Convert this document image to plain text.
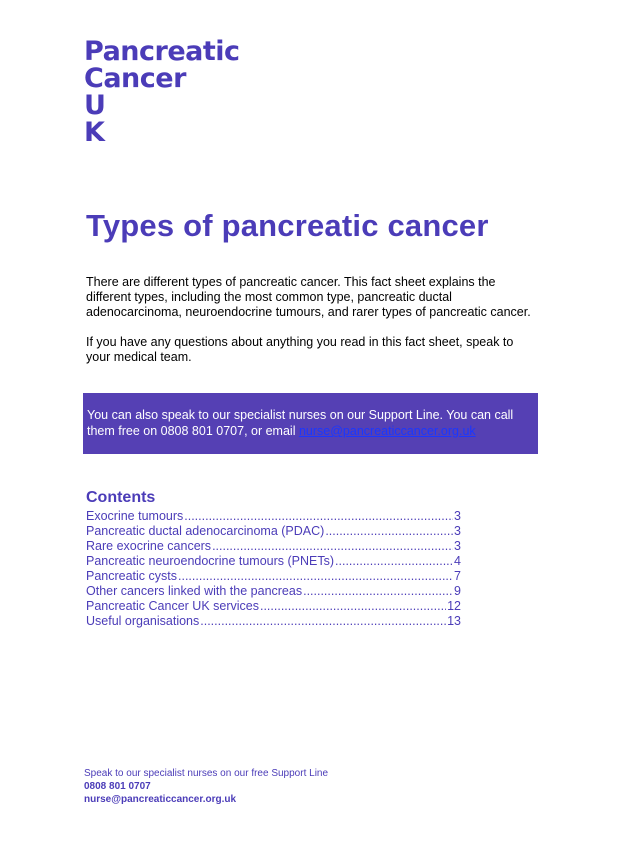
Pancreatic
Cancer
U
K
Types of pancreatic cancer

There are different types of pancreatic cancer. This fact sheet explains the different types, including the most common type, pancreatic ductal adenocarcinoma, neuroendocrine tumours, and rarer types of pancreatic cancer.

If you have any questions about anything you read in this fact sheet, speak to your medical team.

You can also speak to our specialist nurses on our Support Line. You can call them free on 0808 801 0707, or email nurse@pancreaticcancer.org.uk
Contents
Exocrine tumours .....	3
Pancreatic ductal adenocarcinoma (PDAC) .....	3
Rare exocrine cancers .....	3
Pancreatic neuroendocrine tumours (PNETs) .....	4
Pancreatic cysts .....	7
Other cancers linked with the pancreas .....	9
Pancreatic Cancer UK services .....	12
Useful organisations .....	13
Speak to our specialist nurses on our free Support Line
0808 801 0707
nurse@pancreaticcancer.org.uk
